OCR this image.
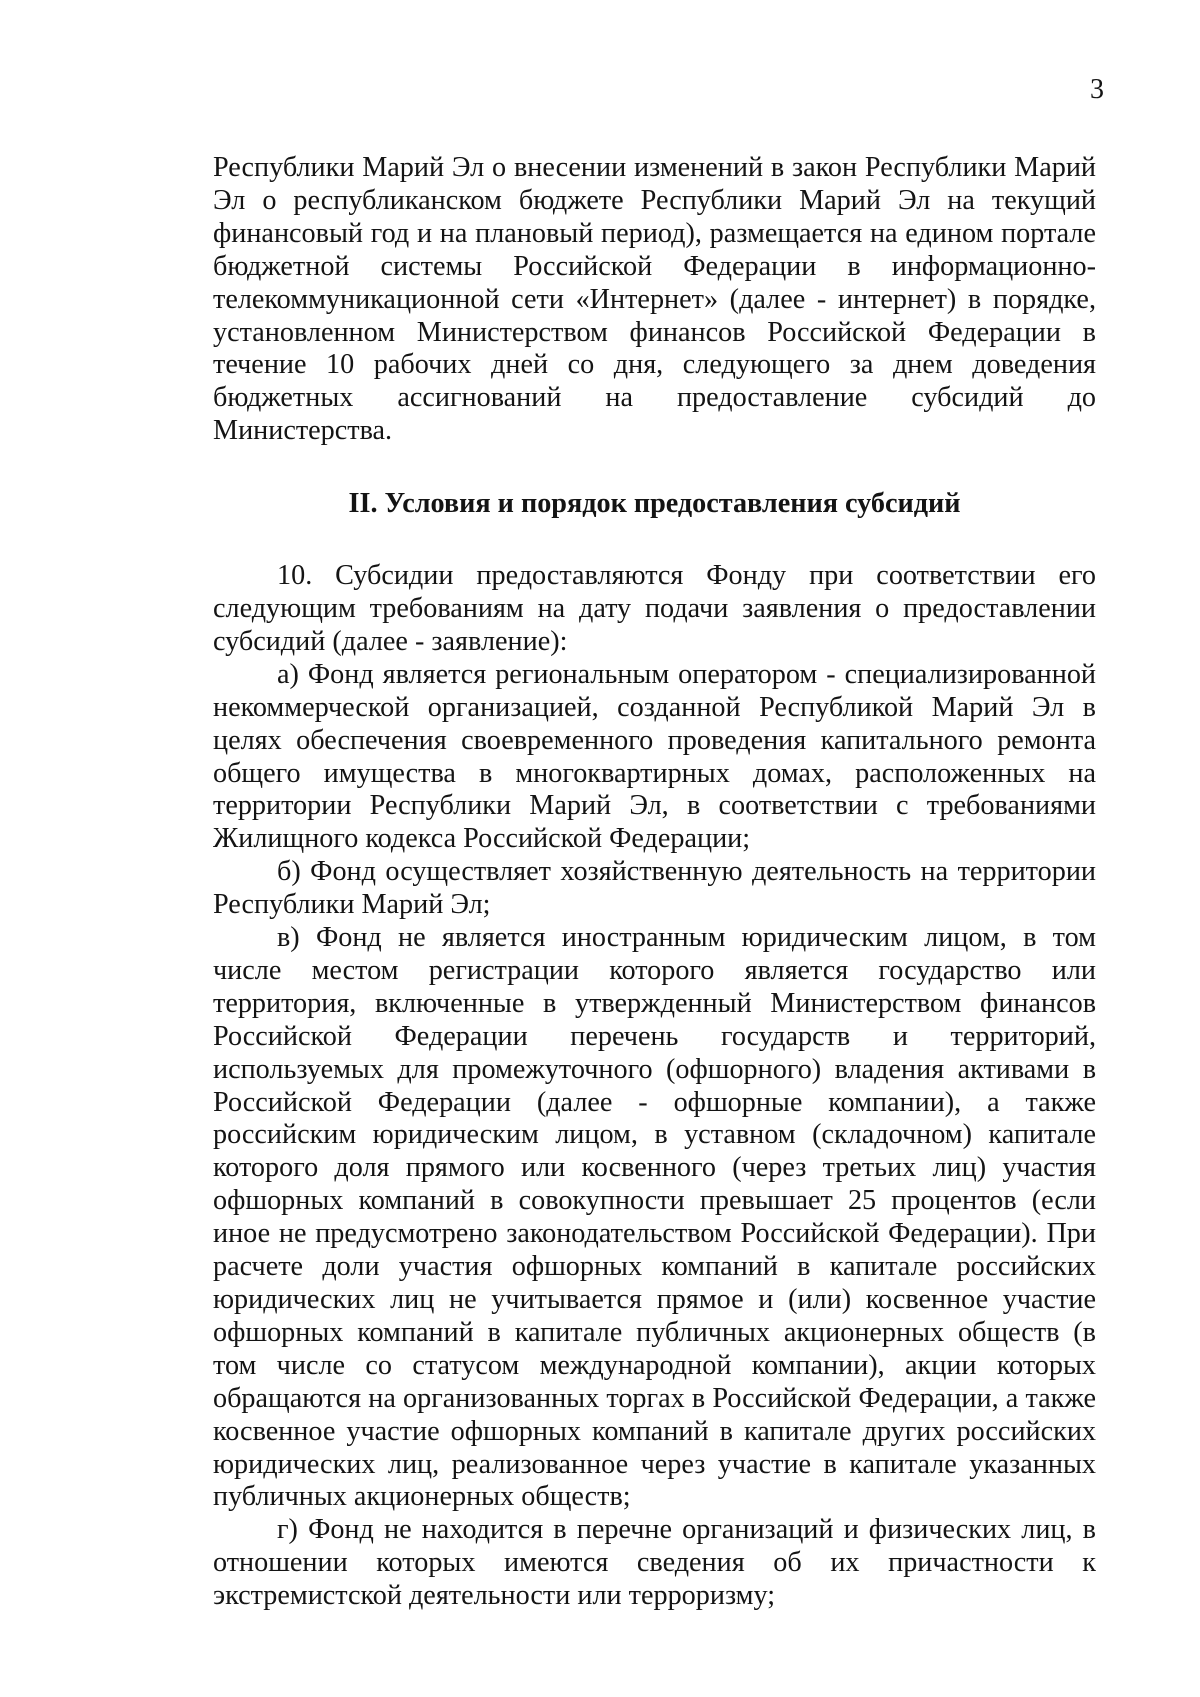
3

Республики Марий Эл о внесении изменений в закон Республики Марий Эл о республиканском бюджете Республики Марий Эл на текущий финансовый год и на плановый период), размещается на едином портале бюджетной системы Российской Федерации в информационно-телекоммуникационной сети «Интернет» (далее - интернет) в порядке, установленном Министерством финансов Российской Федерации в течение 10 рабочих дней со дня, следующего за днем доведения бюджетных ассигнований на предоставление субсидий до Министерства.

II. Условия и порядок предоставления субсидий

10. Субсидии предоставляются Фонду при соответствии его следующим требованиям на дату подачи заявления о предоставлении субсидий (далее - заявление):

а) Фонд является региональным оператором - специализированной некоммерческой организацией, созданной Республикой Марий Эл в целях обеспечения своевременного проведения капитального ремонта общего имущества в многоквартирных домах, расположенных на территории Республики Марий Эл, в соответствии с требованиями Жилищного кодекса Российской Федерации;

б) Фонд осуществляет хозяйственную деятельность на территории Республики Марий Эл;

в) Фонд не является иностранным юридическим лицом, в том числе местом регистрации которого является государство или территория, включенные в утвержденный Министерством финансов Российской Федерации перечень государств и территорий, используемых для промежуточного (офшорного) владения активами в Российской Федерации (далее - офшорные компании), а также российским юридическим лицом, в уставном (складочном) капитале которого доля прямого или косвенного (через третьих лиц) участия офшорных компаний в совокупности превышает 25 процентов (если иное не предусмотрено законодательством Российской Федерации). При расчете доли участия офшорных компаний в капитале российских юридических лиц не учитывается прямое и (или) косвенное участие офшорных компаний в капитале публичных акционерных обществ (в том числе со статусом международной компании), акции которых обращаются на организованных торгах в Российской Федерации, а также косвенное участие офшорных компаний в капитале других российских юридических лиц, реализованное через участие в капитале указанных публичных акционерных обществ;

г) Фонд не находится в перечне организаций и физических лиц, в отношении которых имеются сведения об их причастности к экстремистской деятельности или терроризму;
